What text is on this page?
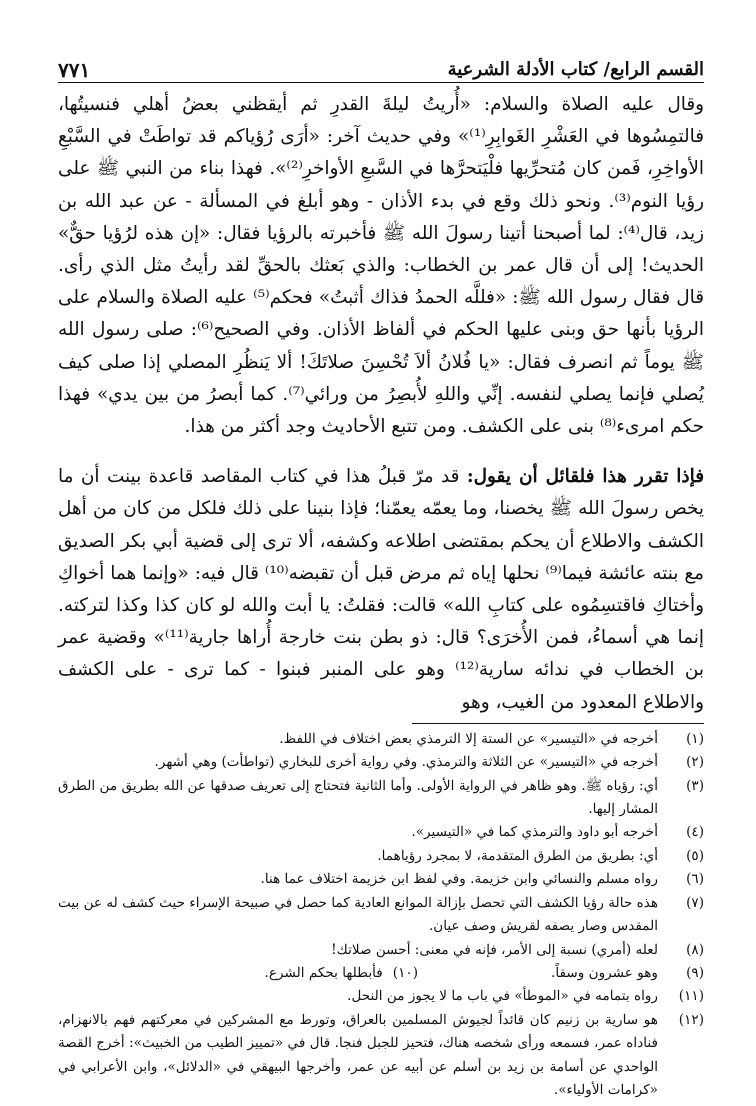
القسم الرابع/ كتاب الأدلة الشرعية
٧٧١

وقال عليه الصلاة والسلام: «أُريتُ ليلةَ القدرِ ثم أيقظني بعضُ أهلي فنسيتُها، فالتمِسُوها في العَشْرِ الغَوابِرِ⁽¹⁾» وفي حديث آخر: «أرَى رُؤياكم قد تواطَتْ في السَّبْعِ الأواخِرِ، فَمن كان مُتحرِّيها فلْيَتحرَّها في السَّبعِ الأواخرِ⁽²⁾». فهذا بناء من النبي ﷺ على رؤيا النوم⁽³⁾. ونحو ذلك وقع في بدء الأذان - وهو أبلغ في المسألة - عن عبد الله بن زيد، قال⁽⁴⁾: لما أصبحنا أتينا رسولَ الله ﷺ فأخبرته بالرؤيا فقال: «إن هذه لرُؤيا حقٌّ» الحديث! إلى أن قال عمر بن الخطاب: والذي بَعثك بالحقِّ لقد رأيتُ مثل الذي رأى. قال فقال رسول الله ﷺ: «فللَّه الحمدُ فذاك أثبتُ» فحكم⁽⁵⁾ عليه الصلاة والسلام على الرؤيا بأنها حق وبنى عليها الحكم في ألفاظ الأذان. وفي الصحيح⁽⁶⁾: صلى رسول الله ﷺ يوماً ثم انصرف فقال: «يا فُلانُ ألاَ تُحْسِنَ صلاتَكَ! ألا يَنظُرِ المصلي إذا صلى كيف يُصلي فإنما يصلي لنفسه. إنِّي واللهِ لأُبصِرُ من ورائي⁽⁷⁾. كما أبصرُ من بين يدي» فهذا حكم امرىء⁽⁸⁾ بنى على الكشف. ومن تتبع الأحاديث وجد أكثر من هذا.

فإذا تقرر هذا فلقائل أن يقول: قد مرّ قبلُ هذا في كتاب المقاصد قاعدة بينت أن ما يخص رسولَ الله ﷺ يخصنا، وما يعمّه يعمّنا؛ فإذا بنينا على ذلك فلكل من كان من أهل الكشف والاطلاع أن يحكم بمقتضى اطلاعه وكشفه، ألا ترى إلى قضية أبي بكر الصديق مع بنته عائشة فيما⁽⁹⁾ نحلها إياه ثم مرض قبل أن تقبضه⁽¹⁰⁾ قال فيه: «وإنما هما أخواكِ وأختاكِ فاقتسِمُوه على كتابِ الله» قالت: فقلتُ: يا أبت والله لو كان كذا وكذا لتركته. إنما هي أسماءُ، فمن الأُخرَى؟ قال: ذو بطن بنت خارجة أُراها جارية⁽¹¹⁾» وقضية عمر بن الخطاب في ندائه سارية⁽¹²⁾ وهو على المنبر فبنوا - كما ترى - على الكشف والاطلاع المعدود من الغيب، وهو

(١)
أخرجه في «التيسير» عن الستة إلا الترمذي بعض اختلاف في اللفظ.
(٢)
أخرجه في «التيسير» عن الثلاثة والترمذي. وفي رواية أخرى للبخاري (تواطأت) وهي أشهر.
(٣)
أي: رؤياه ﷺ. وهو ظاهر في الرواية الأولى. وأما الثانية فتحتاج إلى تعريف صدقها عن الله بطريق من الطرق المشار إليها.
(٤)
أخرجه أبو داود والترمذي كما في «التيسير».
(٥)
أي: بطريق من الطرق المتقدمة، لا بمجرد رؤياهما.
(٦)
رواه مسلم والنسائي وابن خزيمة. وفي لفظ ابن خزيمة اختلاف عما هنا.
(٧)
هذه حالة رؤيا الكشف التي تحصل بإزالة الموانع العادية كما حصل في صبيحة الإسراء حيث كشف له عن بيت المقدس وصار يصفه لقريش وصف عيان.
(٨)
لعله (أمري) نسبة إلى الأمر، فإنه في معنى: أحسن صلاتك!
(٩)
وهو عشرون وسقاً.
(١٠)
فأبطلها بحكم الشرع.
(١١)
رواه بتمامه في «الموطأ» في باب ما لا يجوز من النحل.
(١٢)
هو سارية بن زنيم كان قائداً لجيوش المسلمين بالعراق، وتورط مع المشركين في معركتهم فهم بالانهزام، فناداه عمر، فسمعه ورأى شخصه هناك، فتحيز للجبل فنجا. قال في «تمييز الطيب من الخبيث»: أخرج القصة الواحدي عن أسامة بن زيد بن أسلم عن أبيه عن عمر، وأخرجها البيهقي في «الدلائل»، وابن الأعرابي في «كرامات الأولياء».
